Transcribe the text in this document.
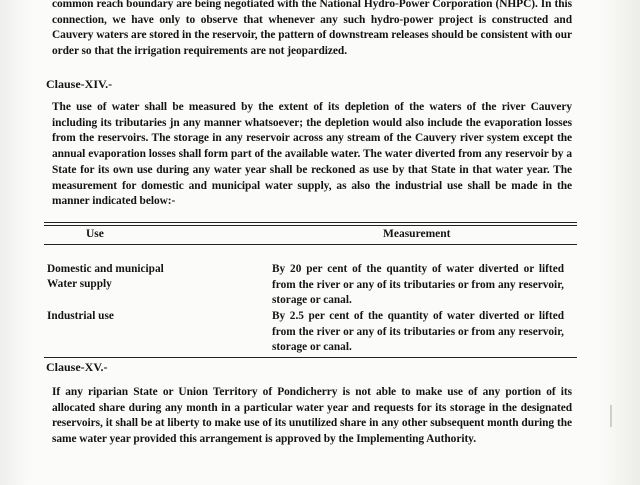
common reach boundary are being negotiated with the National Hydro-Power Corporation (NHPC). In this connection, we have only to observe that whenever any such hydro-power project is constructed and Cauvery waters are stored in the reservoir, the pattern of downstream releases should be consistent with our order so that the irrigation requirements are not jeopardized.

Clause-XIV.-

The use of water shall be measured by the extent of its depletion of the waters of the river Cauvery including its tributaries jn any manner whatsoever; the depletion would also include the evaporation losses from the reservoirs. The storage in any reservoir across any stream of the Cauvery river system except the annual evaporation losses shall form part of the available water. The water diverted from any reservoir by a State for its own use during any water year shall be reckoned as use by that State in that water year. The measurement for domestic and municipal water supply, as also the industrial use shall be made in the manner indicated below:-

Use	Measurement
Domestic and municipal
Water supply

By 20 per cent of the quantity of water diverted or lifted from the river or any of its tributaries or from any reservoir, storage or canal.

Industrial use	By 2.5 per cent of the quantity of water diverted or lifted from the river or any of its tributaries or from any reservoir, storage or canal.

Clause-XV.-

If any riparian State or Union Territory of Pondicherry is not able to make use of any portion of its allocated share during any month in a particular water year and requests for its storage in the designated reservoirs, it shall be at liberty to make use of its unutilized share in any other subsequent month during the same water year provided this arrangement is approved by the Implementing Authority.
